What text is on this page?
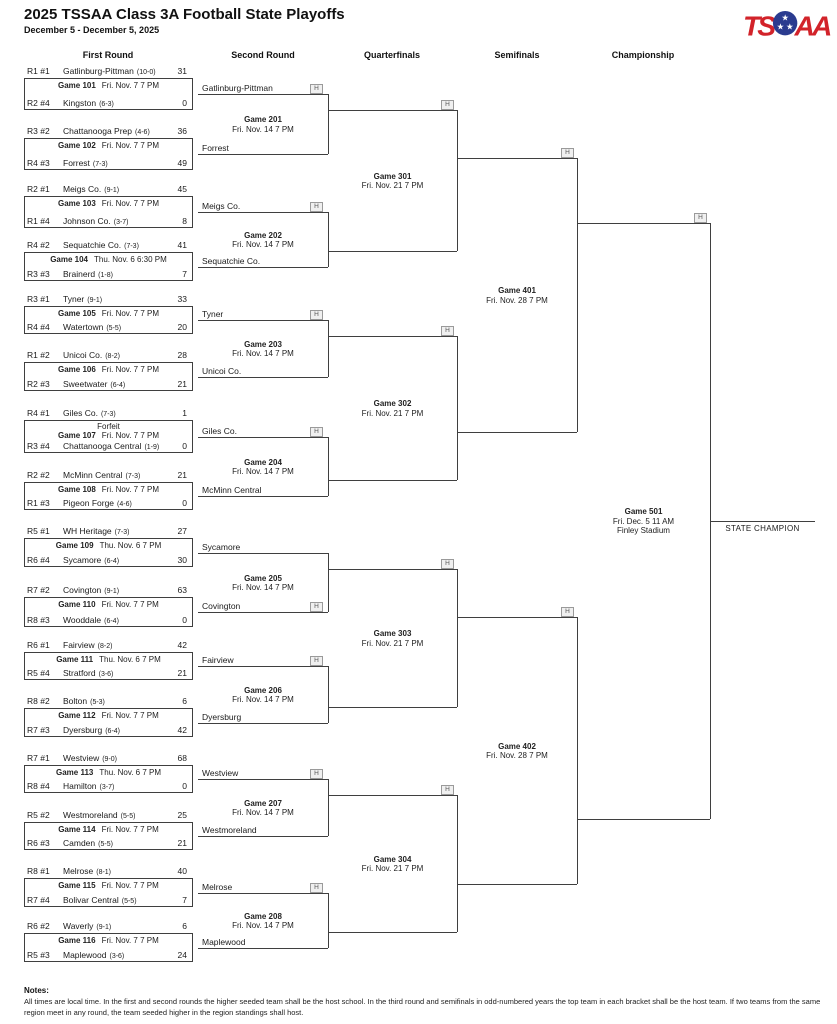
2025 TSSAA Class 3A Football State Playoffs
December 5 - December 5, 2025	TS ★
★ ★ AA
First Round	Second Round	Quarterfinals	Semifinals	Championship
R1 #1 Gatlinburg-Pittman (10-0)	31
R2 #4 Kingston (6-3)	0
Game 101 Fri. Nov. 7 7 PM
R3 #2 Chattanooga Prep (4-6)	36
R4 #3 Forrest (7-3)	49
Game 102 Fri. Nov. 7 7 PM
R2 #1 Meigs Co. (9-1)	45
R1 #4 Johnson Co. (3-7)	8
Game 103 Fri. Nov. 7 7 PM
R4 #2 Sequatchie Co. (7-3)	41
R3 #3 Brainerd (1-8)	7
Game 104 Thu. Nov. 6 6:30 PM
R3 #1 Tyner (9-1)	33
R4 #4 Watertown (5-5)	20
Game 105 Fri. Nov. 7 7 PM
R1 #2 Unicoi Co. (8-2)	28
R2 #3 Sweetwater (6-4)	21
Game 106 Fri. Nov. 7 7 PM
R4 #1 Giles Co. (7-3)	1
R3 #4 Chattanooga Central (1-9)	0
Forfeit
Game 107 Fri. Nov. 7 7 PM
R2 #2 McMinn Central (7-3)	21
R1 #3 Pigeon Forge (4-6)	0
Game 108 Fri. Nov. 7 7 PM
R5 #1 WH Heritage (7-3)	27
R6 #4 Sycamore (6-4)	30
Game 109 Thu. Nov. 6 7 PM
R7 #2 Covington (9-1)	63
R8 #3 Wooddale (6-4)	0
Game 110 Fri. Nov. 7 7 PM
R6 #1 Fairview (8-2)	42
R5 #4 Stratford (3-6)	21
Game 111 Thu. Nov. 6 7 PM
R8 #2 Bolton (5-3)	6
R7 #3 Dyersburg (6-4)	42
Game 112 Fri. Nov. 7 7 PM
R7 #1 Westview (9-0)	68
R8 #4 Hamilton (3-7)	0
Game 113 Thu. Nov. 6 7 PM
R5 #2 Westmoreland (5-5)	25
R6 #3 Camden (5-5)	21
Game 114 Fri. Nov. 7 7 PM
R8 #1 Melrose (8-1)	40
R7 #4 Bolivar Central (5-5)	7
Game 115 Fri. Nov. 7 7 PM
R6 #2 Waverly (9-1)	6
R5 #3 Maplewood (3-6)	24
Game 116 Fri. Nov. 7 7 PM
Gatlinburg-Pittman
Forrest
H
Game 201
Fri. Nov. 14 7 PM
Meigs Co.
Sequatchie Co.
H
Game 202
Fri. Nov. 14 7 PM
Tyner
Unicoi Co.
H
Game 203
Fri. Nov. 14 7 PM
Giles Co.
McMinn Central
H
Game 204
Fri. Nov. 14 7 PM
Sycamore
Covington	H
Game 205
Fri. Nov. 14 7 PM
Fairview
Dyersburg
H
Game 206
Fri. Nov. 14 7 PM
Westview
Westmoreland
H
Game 207
Fri. Nov. 14 7 PM
Melrose
Maplewood
H
Game 208
Fri. Nov. 14 7 PM
H
Game 301
Fri. Nov. 21 7 PM
H
Game 302
Fri. Nov. 21 7 PM
H
Game 303
Fri. Nov. 21 7 PM
H
Game 304
Fri. Nov. 21 7 PM
H
Game 401
Fri. Nov. 28 7 PM
H
Game 402
Fri. Nov. 28 7 PM
H
Game 501
Fri. Dec. 5 11 AM
Finley Stadium	STATE CHAMPION
Notes:
All times are local time. In the first and second rounds the higher seeded team shall be the host school. In the third round and semifinals in odd-numbered years the top team in each bracket shall be the host team. If two teams from the same region meet in any round, the team seeded higher in the region standings shall host.
